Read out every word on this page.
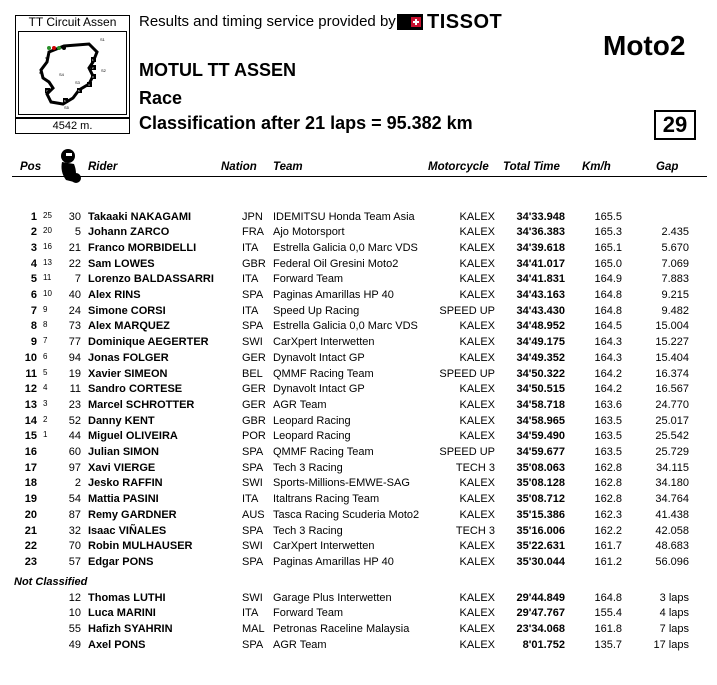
TT Circuit Assen
S1
S2
S3
S4
S5
1
2
3
4
5
6
7
8
9
4542 m.
Results and timing service provided by TISSOT
Moto2
MOTUL TT ASSEN
Race
Classification after 21 laps = 95.382 km	29
Pos	Rider	Nation Team	Motorcycle Total Time Km/h	Gap
1 25	30 Takaaki NAKAGAMI	JPN IDEMITSU Honda Team Asia	KALEX	34'33.948	165.5
2 20	5 Johann ZARCO	FRA Ajo Motorsport	KALEX	34'36.383	165.3	2.435
3 16	21 Franco MORBIDELLI	ITA Estrella Galicia 0,0 Marc VDS	KALEX	34'39.618	165.1	5.670
4 13	22 Sam LOWES	GBR Federal Oil Gresini Moto2	KALEX	34'41.017	165.0	7.069
5 11	7 Lorenzo BALDASSARRI	ITA Forward Team	KALEX	34'41.831	164.9	7.883
6 10	40 Alex RINS	SPA Paginas Amarillas HP 40	KALEX	34'43.163	164.8	9.215
7 9	24 Simone CORSI	ITA Speed Up Racing	SPEED UP	34'43.430	164.8	9.482
8 8	73 Alex MARQUEZ	SPA Estrella Galicia 0,0 Marc VDS	KALEX	34'48.952	164.5	15.004
9 7	77 Dominique AEGERTER	SWI CarXpert Interwetten	KALEX	34'49.175	164.3	15.227
10 6	94 Jonas FOLGER	GER Dynavolt Intact GP	KALEX	34'49.352	164.3	15.404
11 5	19 Xavier SIMEON	BEL QMMF Racing Team	SPEED UP	34'50.322	164.2	16.374
12 4	11 Sandro CORTESE	GER Dynavolt Intact GP	KALEX	34'50.515	164.2	16.567
13 3	23 Marcel SCHROTTER	GER AGR Team	KALEX	34'58.718	163.6	24.770
14 2	52 Danny KENT	GBR Leopard Racing	KALEX	34'58.965	163.5	25.017
15 1	44 Miguel OLIVEIRA	POR Leopard Racing	KALEX	34'59.490	163.5	25.542
16	60 Julian SIMON	SPA QMMF Racing Team	SPEED UP	34'59.677	163.5	25.729
17	97 Xavi VIERGE	SPA Tech 3 Racing	TECH 3	35'08.063	162.8	34.115
18	2 Jesko RAFFIN	SWI Sports-Millions-EMWE-SAG	KALEX	35'08.128	162.8	34.180
19	54 Mattia PASINI	ITA Italtrans Racing Team	KALEX	35'08.712	162.8	34.764
20	87 Remy GARDNER	AUS Tasca Racing Scuderia Moto2	KALEX	35'15.386	162.3	41.438
21	32 Isaac VIÑALES	SPA Tech 3 Racing	TECH 3	35'16.006	162.2	42.058
22	70 Robin MULHAUSER	SWI CarXpert Interwetten	KALEX	35'22.631	161.7	48.683
23	57 Edgar PONS	SPA Paginas Amarillas HP 40	KALEX	35'30.044	161.2	56.096
Not Classified
12 Thomas LUTHI	SWI Garage Plus Interwetten	KALEX	29'44.849	164.8	3 laps
10 Luca MARINI	ITA Forward Team	KALEX	29'47.767	155.4	4 laps
55 Hafizh SYAHRIN	MAL Petronas Raceline Malaysia	KALEX	23'34.068	161.8	7 laps
49 Axel PONS	SPA AGR Team	KALEX	8'01.752	135.7	17 laps
